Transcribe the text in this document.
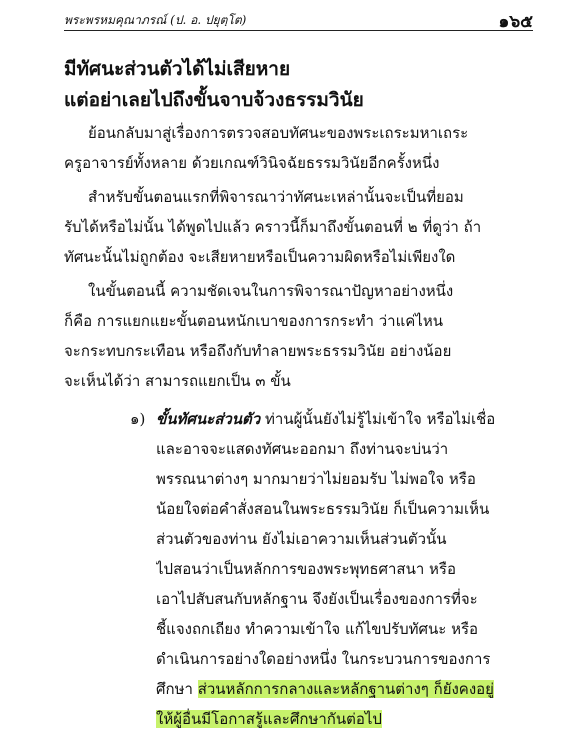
พระพรหมคุณาภรณ์ (ป. อ. ปยุตฺโต)	๑๖๕
มีทัศนะส่วนตัวได้ไม่เสียหาย
แต่อย่าเลยไปถึงขั้นจาบจ้วงธรรมวินัย
ย้อนกลับมาสู่เรื่องการตรวจสอบทัศนะของพระเถระมหาเถระ
ครูอาจารย์ทั้งหลาย ด้วยเกณฑ์วินิจฉัยธรรมวินัยอีกครั้งหนึ่ง
สำหรับขั้นตอนแรกที่พิจารณาว่าทัศนะเหล่านั้นจะเป็นที่ยอม
รับได้หรือไม่นั้น ได้พูดไปแล้ว คราวนี้ก็มาถึงขั้นตอนที่ ๒ ที่ดูว่า ถ้า
ทัศนะนั้นไม่ถูกต้อง จะเสียหายหรือเป็นความผิดหรือไม่เพียงใด
ในขั้นตอนนี้ ความชัดเจนในการพิจารณาปัญหาอย่างหนึ่ง
ก็คือ การแยกแยะขั้นตอนหนักเบาของการกระทำ ว่าแค่ไหน
จะกระทบกระเทือน หรือถึงกับทำลายพระธรรมวินัย อย่างน้อย
จะเห็นได้ว่า สามารถแยกเป็น ๓ ขั้น
๑) ขั้นทัศนะส่วนตัว ท่านผู้นั้นยังไม่รู้ไม่เข้าใจ หรือไม่เชื่อ
และอาจจะแสดงทัศนะออกมา ถึงท่านจะบ่นว่า
พรรณนาต่างๆ มากมายว่าไม่ยอมรับ ไม่พอใจ หรือ
น้อยใจต่อคำสั่งสอนในพระธรรมวินัย ก็เป็นความเห็น
ส่วนตัวของท่าน ยังไม่เอาความเห็นส่วนตัวนั้น
ไปสอนว่าเป็นหลักการของพระพุทธศาสนา หรือ
เอาไปสับสนกับหลักฐาน จึงยังเป็นเรื่องของการที่จะ
ชี้แจงถกเถียง ทำความเข้าใจ แก้ไขปรับทัศนะ หรือ
ดำเนินการอย่างใดอย่างหนึ่ง ในกระบวนการของการ
ศึกษา ส่วนหลักการกลางและหลักฐานต่างๆ ก็ยังคงอยู่
ให้ผู้อื่นมีโอกาสรู้และศึกษากันต่อไป
